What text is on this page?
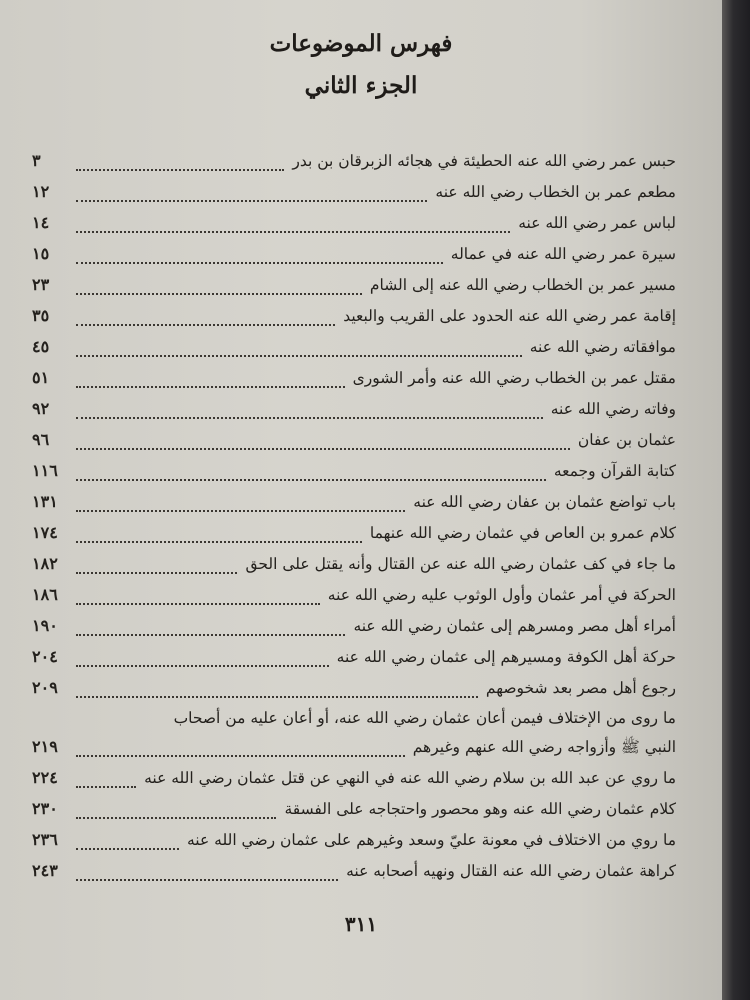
فهرس الموضوعات
الجزء الثاني
حبس عمر رضي الله عنه الحطيئة في هجائه الزبرقان بن بدر
٣
مطعم عمر بن الخطاب رضي الله عنه
١٢
لباس عمر رضي الله عنه
١٤
سيرة عمر رضي الله عنه في عماله
١٥
مسير عمر بن الخطاب رضي الله عنه إلى الشام
٢٣
إقامة عمر رضي الله عنه الحدود على القريب والبعيد
٣٥
موافقاته رضي الله عنه
٤٥
مقتل عمر بن الخطاب رضي الله عنه وأمر الشورى
٥١
وفاته رضي الله عنه
٩٢
عثمان بن عفان
٩٦
كتابة القرآن وجمعه
١١٦
باب تواضع عثمان بن عفان رضي الله عنه
١٣١
كلام عمرو بن العاص في عثمان رضي الله عنهما
١٧٤
ما جاء في كف عثمان رضي الله عنه عن القتال وأنه يقتل على الحق
١٨٢
الحركة في أمر عثمان وأول الوثوب عليه رضي الله عنه
١٨٦
أمراء أهل مصر ومسرهم إلى عثمان رضي الله عنه
١٩٠
حركة أهل الكوفة ومسيرهم إلى عثمان رضي الله عنه
٢٠٤
رجوع أهل مصر بعد شخوصهم
٢٠٩
ما روى من الإختلاف فيمن أعان عثمان رضي الله عنه، أو أعان عليه من أصحاب
النبي ﷺ وأزواجه رضي الله عنهم وغيرهم
٢١٩
ما روي عن عبد الله بن سلام رضي الله عنه في النهي عن قتل عثمان رضي الله عنه
٢٢٤
كلام عثمان رضي الله عنه وهو محصور واحتجاجه على الفسقة
٢٣٠
ما روي من الاختلاف في معونة عليّ وسعد وغيرهم على عثمان رضي الله عنه
٢٣٦
كراهة عثمان رضي الله عنه القتال ونهيه أصحابه عنه
٢٤٣
٣١١
